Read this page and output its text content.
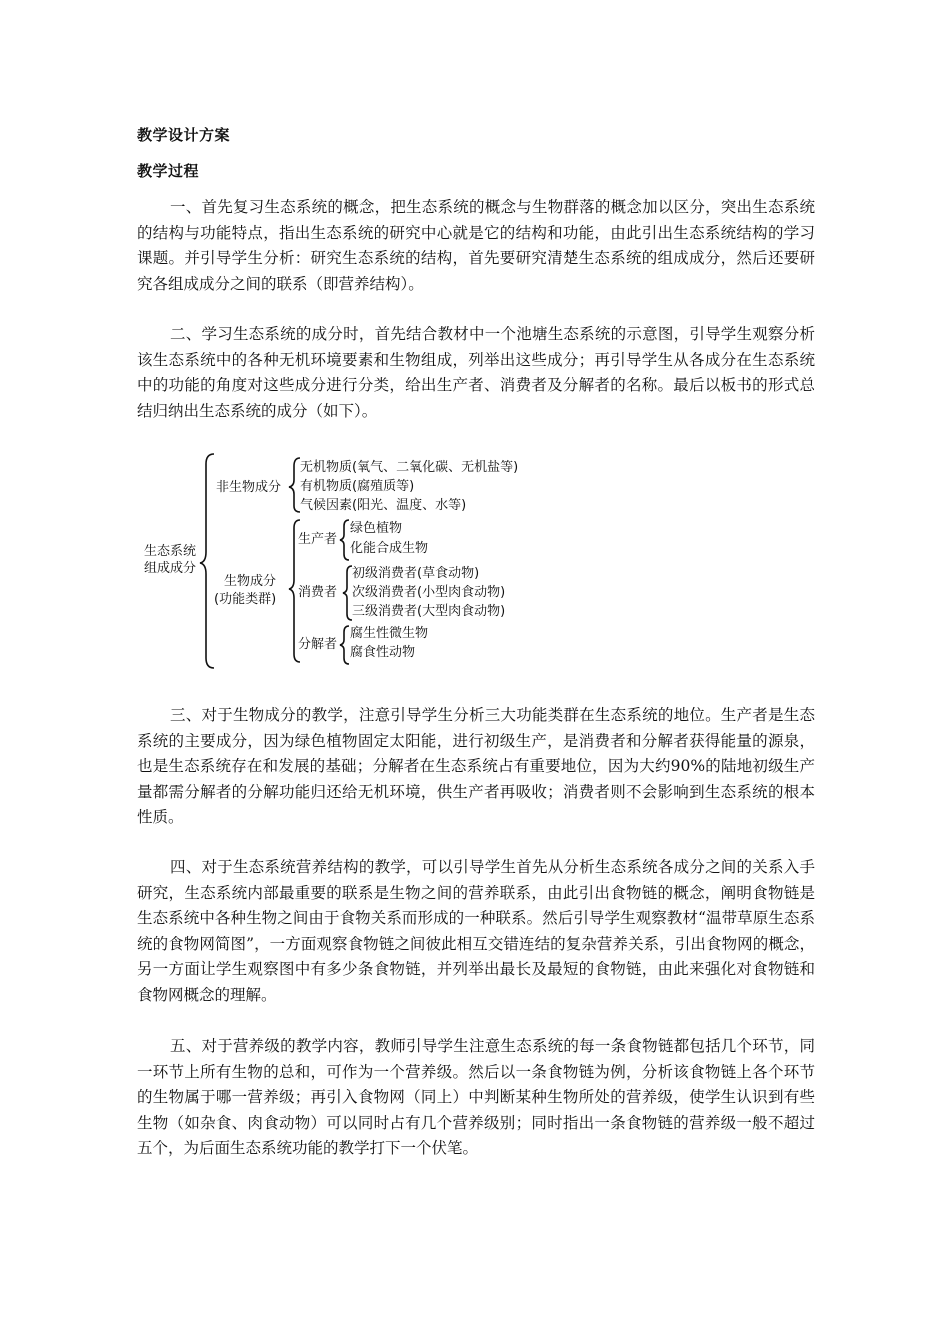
教学设计方案
教学过程

一、首先复习生态系统的概念，把生态系统的概念与生物群落的概念加以区分，突出生态系统的结构与功能特点，指出生态系统的研究中心就是它的结构和功能，由此引出生态系统结构的学习课题。并引导学生分析：研究生态系统的结构，首先要研究清楚生态系统的组成成分，然后还要研究各组成成分之间的联系（即营养结构）。

二、学习生态系统的成分时，首先结合教材中一个池塘生态系统的示意图，引导学生观察分析该生态系统中的各种无机环境要素和生物组成，列举出这些成分；再引导学生从各成分在生态系统中的功能的角度对这些成分进行分类，给出生产者、消费者及分解者的名称。最后以板书的形式总结归纳出生态系统的成分（如下）。

生态系统
组成成分
非生物成分
无机物质(氧气、二氧化碳、无机盐等)
有机物质(腐殖质等)
气候因素(阳光、温度、水等)
生物成分
(功能类群)
生产者
绿色植物
化能合成生物
消费者
初级消费者(草食动物)
次级消费者(小型肉食动物)
三级消费者(大型肉食动物)
分解者
腐生性微生物
腐食性动物

三、对于生物成分的教学，注意引导学生分析三大功能类群在生态系统的地位。生产者是生态系统的主要成分，因为绿色植物固定太阳能，进行初级生产，是消费者和分解者获得能量的源泉，也是生态系统存在和发展的基础；分解者在生态系统占有重要地位，因为大约90%的陆地初级生产量都需分解者的分解功能归还给无机环境，供生产者再吸收；消费者则不会影响到生态系统的根本性质。

四、对于生态系统营养结构的教学，可以引导学生首先从分析生态系统各成分之间的关系入手研究，生态系统内部最重要的联系是生物之间的营养联系，由此引出食物链的概念，阐明食物链是生态系统中各种生物之间由于食物关系而形成的一种联系。然后引导学生观察教材“温带草原生态系统的食物网简图”，一方面观察食物链之间彼此相互交错连结的复杂营养关系，引出食物网的概念，另一方面让学生观察图中有多少条食物链，并列举出最长及最短的食物链，由此来强化对食物链和食物网概念的理解。

五、对于营养级的教学内容，教师引导学生注意生态系统的每一条食物链都包括几个环节，同一环节上所有生物的总和，可作为一个营养级。然后以一条食物链为例，分析该食物链上各个环节的生物属于哪一营养级；再引入食物网（同上）中判断某种生物所处的营养级，使学生认识到有些生物（如杂食、肉食动物）可以同时占有几个营养级别；同时指出一条食物链的营养级一般不超过五个，为后面生态系统功能的教学打下一个伏笔。
